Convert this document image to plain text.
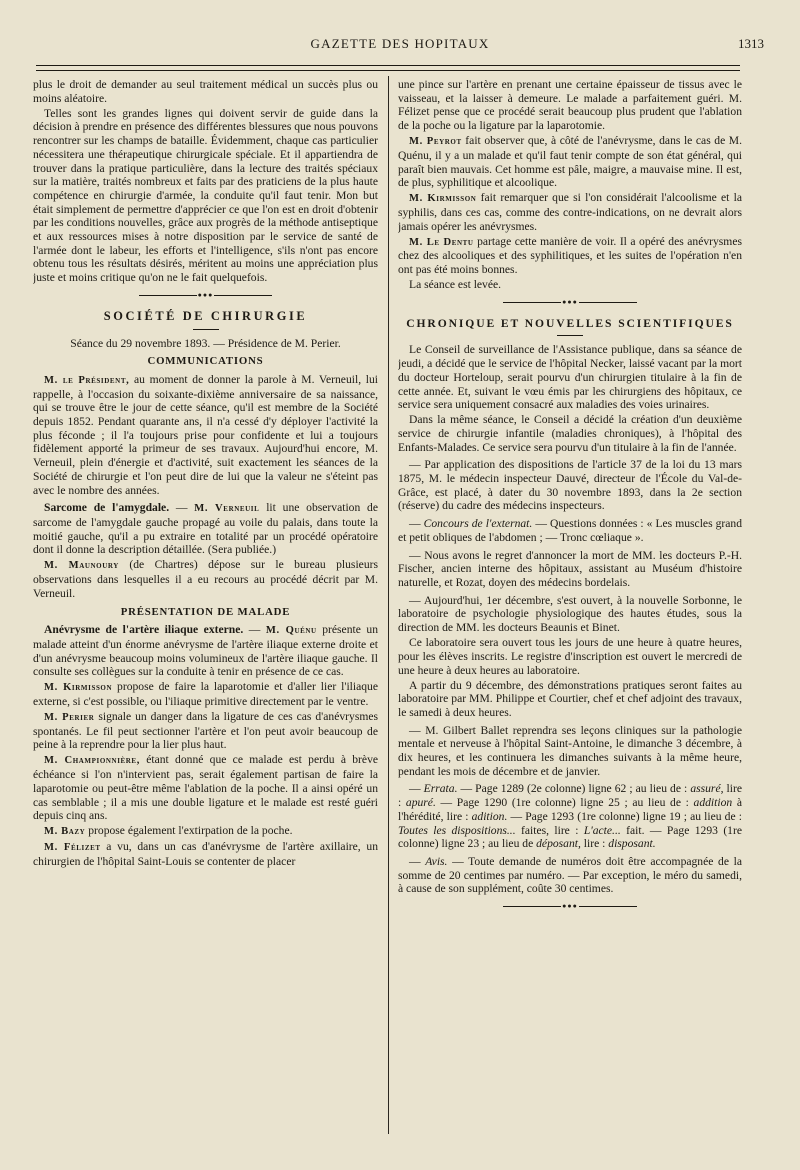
GAZETTE DES HOPITAUX	1313

plus le droit de demander au seul traitement médical un succès plus ou moins aléatoire.

Telles sont les grandes lignes qui doivent servir de guide dans la décision à prendre en présence des différentes blessures que nous pouvons rencontrer sur les champs de bataille. Évidemment, chaque cas particulier nécessitera une thérapeutique chirurgicale spéciale. Et il appartiendra de trouver dans la pratique particulière, dans la lecture des traités spéciaux sur la matière, traités nombreux et faits par des praticiens de la plus haute compétence en chirurgie d'armée, la conduite qu'il faut tenir. Mon but était simplement de permettre d'apprécier ce que l'on est en droit d'obtenir par les conditions nouvelles, grâce aux progrès de la méthode antiseptique et aux ressources mises à notre disposition par le service de santé de l'armée dont le labeur, les efforts et l'intelligence, s'ils n'ont pas encore obtenu tous les résultats désirés, méritent au moins une appréciation plus juste et moins critique qu'on ne le fait quelquefois.

●●●
SOCIÉTÉ DE CHIRURGIE

Séance du 29 novembre 1893. — Présidence de M. Perier.

COMMUNICATIONS

M. le Président, au moment de donner la parole à M. Verneuil, lui rappelle, à l'occasion du soixante-dixième anniversaire de sa naissance, qui se trouve être le jour de cette séance, qu'il est membre de la Société depuis 1852. Pendant quarante ans, il n'a cessé d'y déployer l'activité la plus féconde ; il l'a toujours prise pour confidente et lui a toujours fidèlement apporté la primeur de ses travaux. Aujourd'hui encore, M. Verneuil, plein d'énergie et d'activité, suit exactement les séances de la Société de chirurgie et l'on peut dire de lui que la valeur ne s'éteint pas avec le nombre des années.

Sarcome de l'amygdale. — M. Verneuil lit une observation de sarcome de l'amygdale gauche propagé au voile du palais, dans toute la moitié gauche, qu'il a pu extraire en totalité par un procédé opératoire dont il donne la description détaillée. (Sera publiée.)

M. Maunoury (de Chartres) dépose sur le bureau plusieurs observations dans lesquelles il a eu recours au procédé décrit par M. Verneuil.

PRÉSENTATION DE MALADE

Anévrysme de l'artère iliaque externe. — M. Quénu présente un malade atteint d'un énorme anévrysme de l'artère iliaque externe droite et d'un anévrysme beaucoup moins volumineux de l'artère iliaque gauche. Il consulte ses collègues sur la conduite à tenir en présence de ce cas.

M. Kirmisson propose de faire la laparotomie et d'aller lier l'iliaque externe, si c'est possible, ou l'iliaque primitive directement par le ventre.

M. Perier signale un danger dans la ligature de ces cas d'anévrysmes spontanés. Le fil peut sectionner l'artère et l'on peut avoir beaucoup de peine à la reprendre pour la lier plus haut.

M. Championnière, étant donné que ce malade est perdu à brève échéance si l'on n'intervient pas, serait également partisan de faire la laparotomie ou peut-être même l'ablation de la poche. Il a ainsi opéré un cas semblable ; il a mis une double ligature et le malade est resté guéri depuis cinq ans.

M. Bazy propose également l'extirpation de la poche.

M. Félizet a vu, dans un cas d'anévrysme de l'artère axillaire, un chirurgien de l'hôpital Saint-Louis se contenter de placer

une pince sur l'artère en prenant une certaine épaisseur de tissus avec le vaisseau, et la laisser à demeure. Le malade a parfaitement guéri. M. Félizet pense que ce procédé serait beaucoup plus prudent que l'ablation de la poche ou la ligature par la laparotomie.

M. Peyrot fait observer que, à côté de l'anévrysme, dans le cas de M. Quénu, il y a un malade et qu'il faut tenir compte de son état général, qui paraît bien mauvais. Cet homme est pâle, maigre, a mauvaise mine. Il est, de plus, syphilitique et alcoolique.

M. Kirmisson fait remarquer que si l'on considérait l'alcoolisme et la syphilis, dans ces cas, comme des contre-indications, on ne devrait alors jamais opérer les anévrysmes.

M. Le Dentu partage cette manière de voir. Il a opéré des anévrysmes chez des alcooliques et des syphilitiques, et les suites de l'opération n'en ont pas été moins bonnes.

La séance est levée.

●●●
CHRONIQUE ET NOUVELLES SCIENTIFIQUES

Le Conseil de surveillance de l'Assistance publique, dans sa séance de jeudi, a décidé que le service de l'hôpital Necker, laissé vacant par la mort du docteur Horteloup, serait pourvu d'un chirurgien titulaire à la fin de cette année. Et, suivant le vœu émis par les chirurgiens des hôpitaux, ce service sera uniquement consacré aux maladies des voies urinaires.

Dans la même séance, le Conseil a décidé la création d'un deuxième service de chirurgie infantile (maladies chroniques), à l'hôpital des Enfants-Malades. Ce service sera pourvu d'un titulaire à la fin de l'année.

— Par application des dispositions de l'article 37 de la loi du 13 mars 1875, M. le médecin inspecteur Dauvé, directeur de l'École du Val-de-Grâce, est placé, à dater du 30 novembre 1893, dans la 2e section (réserve) du cadre des médecins inspecteurs.

— Concours de l'externat. — Questions données : « Les muscles grand et petit obliques de l'abdomen ; — Tronc cœliaque ».

— Nous avons le regret d'annoncer la mort de MM. les docteurs P.-H. Fischer, ancien interne des hôpitaux, assistant au Muséum d'histoire naturelle, et Rozat, doyen des médecins bordelais.

— Aujourd'hui, 1er décembre, s'est ouvert, à la nouvelle Sorbonne, le laboratoire de psychologie physiologique des hautes études, sous la direction de MM. les docteurs Beaunis et Binet.

Ce laboratoire sera ouvert tous les jours de une heure à quatre heures, pour les élèves inscrits. Le registre d'inscription est ouvert le mercredi de une heure à deux heures au laboratoire.

A partir du 9 décembre, des démonstrations pratiques seront faites au laboratoire par MM. Philippe et Courtier, chef et chef adjoint des travaux, le samedi à deux heures.

— M. Gilbert Ballet reprendra ses leçons cliniques sur la pathologie mentale et nerveuse à l'hôpital Saint-Antoine, le dimanche 3 décembre, à dix heures, et les continuera les dimanches suivants à la même heure, pendant les mois de décembre et de janvier.

— Errata. — Page 1289 (2e colonne) ligne 62 ; au lieu de : assuré, lire : apuré. — Page 1290 (1re colonne) ligne 25 ; au lieu de : addition à l'hérédité, lire : adition. — Page 1293 (1re colonne) ligne 19 ; au lieu de : Toutes les dispositions... faites, lire : L'acte... fait. — Page 1293 (1re colonne) ligne 23 ; au lieu de déposant, lire : disposant.

— Avis. — Toute demande de numéros doit être accompagnée de la somme de 20 centimes par numéro. — Par exception, le méro du samedi, à cause de son supplément, coûte 30 centimes.

●●●
